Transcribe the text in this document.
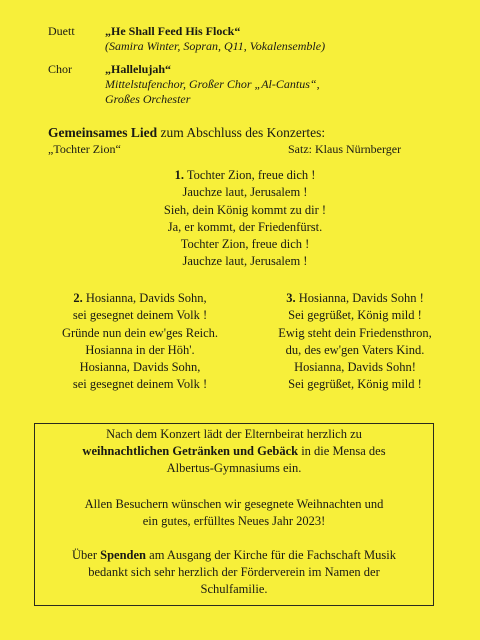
Duett	„He Shall Feed His Flock“
(Samira Winter, Sopran, Q11, Vokalensemble)
Chor	„Hallelujah“
Mittelstufenchor, Großer Chor „Al-Cantus“,
Großes Orchester
Gemeinsames Lied zum Abschluss des Konzertes:
„Tochter Zion“	Satz: Klaus Nürnberger
1. Tochter Zion, freue dich !
Jauchze laut, Jerusalem !
Sieh, dein König kommt zu dir !
Ja, er kommt, der Friedenfürst.
Tochter Zion, freue dich !
Jauchze laut, Jerusalem !
2. Hosianna, Davids Sohn,
sei gesegnet deinem Volk !
Gründe nun dein ew'ges Reich.
Hosianna in der Höh'.
Hosianna, Davids Sohn,
sei gesegnet deinem Volk !
3. Hosianna, Davids Sohn !
Sei gegrüßet, König mild !
Ewig steht dein Friedensthron,
du, des ew'gen Vaters Kind.
Hosianna, Davids Sohn!
Sei gegrüßet, König mild !

Nach dem Konzert lädt der Elternbeirat herzlich zu
weihnachtlichen Getränken und Gebäck in die Mensa des
Albertus-Gymnasiums ein.

Allen Besuchern wünschen wir gesegnete Weihnachten und
ein gutes, erfülltes Neues Jahr 2023!

Über Spenden am Ausgang der Kirche für die Fachschaft Musik
bedankt sich sehr herzlich der Förderverein im Namen der
Schulfamilie.
